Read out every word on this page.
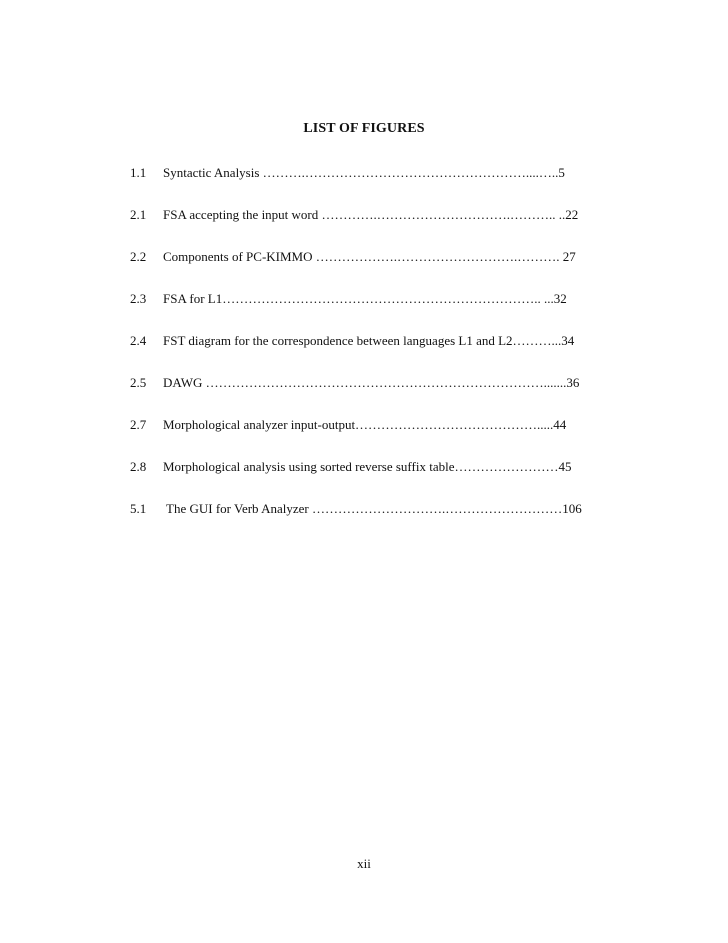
LIST OF FIGURES
1.1 Syntactic Analysis ……….……………………………………………....…..5
2.1 FSA accepting the input word ………….………………………….……….. ..22
2.2 Components of PC-KIMMO ……………….……………………….………. 27
2.3 FSA for L1……………………………………………………………….. ...32
2.4 FST diagram for the correspondence between languages L1 and L2………...34
2.5 DAWG …………………………………………………………………….......36
2.7 Morphological analyzer input-output…………………………………….....44
2.8 Morphological analysis using sorted reverse suffix table……………………45
5.1 The GUI for Verb Analyzer ………………………….………………………106
xii
